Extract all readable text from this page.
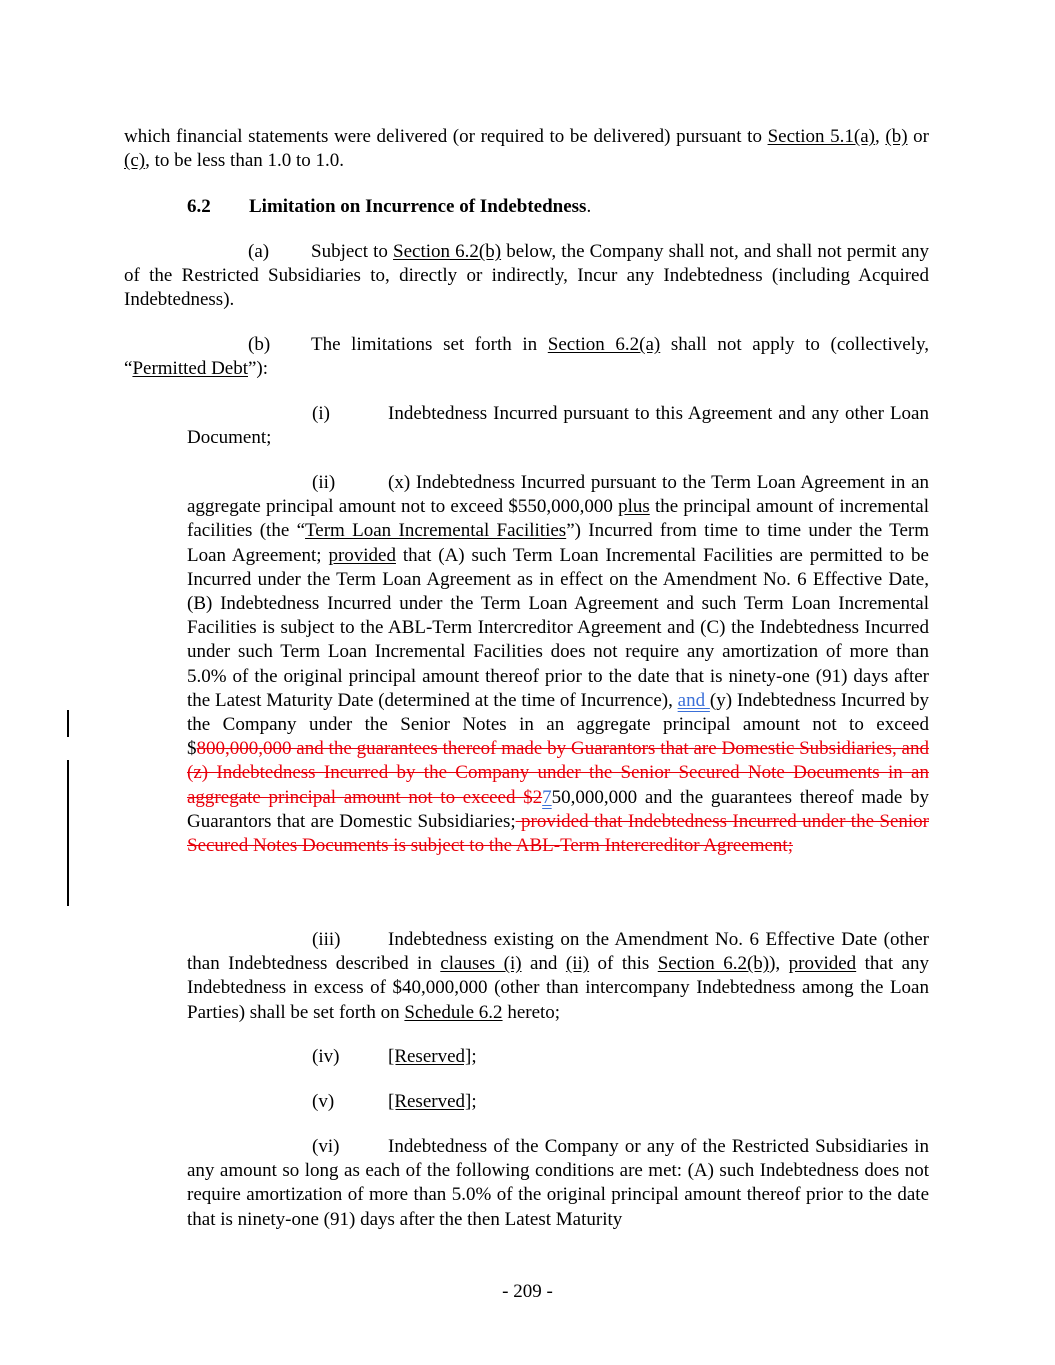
which financial statements were delivered (or required to be delivered) pursuant to Section 5.1(a), (b) or (c), to be less than 1.0 to 1.0.
6.2 Limitation on Incurrence of Indebtedness.
(a) Subject to Section 6.2(b) below, the Company shall not, and shall not permit any of the Restricted Subsidiaries to, directly or indirectly, Incur any Indebtedness (including Acquired Indebtedness).
(b) The limitations set forth in Section 6.2(a) shall not apply to (collectively, “Permitted Debt”):
(i)	Indebtedness Incurred pursuant to this Agreement and any other Loan Document;
(ii)	(x) Indebtedness Incurred pursuant to the Term Loan Agreement in an aggregate principal amount not to exceed $550,000,000 plus the principal amount of incremental facilities (the “Term Loan Incremental Facilities”) Incurred from time to time under the Term Loan Agreement; provided that (A) such Term Loan Incremental Facilities are permitted to be Incurred under the Term Loan Agreement as in effect on the Amendment No. 6 Effective Date, (B) Indebtedness Incurred under the Term Loan Agreement and such Term Loan Incremental Facilities is subject to the ABL-Term Intercreditor Agreement and (C) the Indebtedness Incurred under such Term Loan Incremental Facilities does not require any amortization of more than 5.0% of the original principal amount thereof prior to the date that is ninety-one (91) days after the Latest Maturity Date (determined at the time of Incurrence), and (y) Indebtedness Incurred by the Company under the Senior Notes in an aggregate principal amount not to exceed $800,000,000 and the guarantees thereof made by Guarantors that are Domestic Subsidiaries, and (z) Indebtedness Incurred by the Company under the Senior Secured Note Documents in an aggregate principal amount not to exceed $2750,000,000 and the guarantees thereof made by Guarantors that are Domestic Subsidiaries; provided that Indebtedness Incurred under the Senior Secured Notes Documents is subject to the ABL-Term Intercreditor Agreement;
(iii)	Indebtedness existing on the Amendment No. 6 Effective Date (other than Indebtedness described in clauses (i) and (ii) of this Section 6.2(b)), provided that any Indebtedness in excess of $40,000,000 (other than intercompany Indebtedness among the Loan Parties) shall be set forth on Schedule 6.2 hereto;
(iv)	[Reserved];
(v)	[Reserved];
(vi)	Indebtedness of the Company or any of the Restricted Subsidiaries in any amount so long as each of the following conditions are met: (A) such Indebtedness does not require amortization of more than 5.0% of the original principal amount thereof prior to the date that is ninety-one (91) days after the then Latest Maturity
- 209 -
